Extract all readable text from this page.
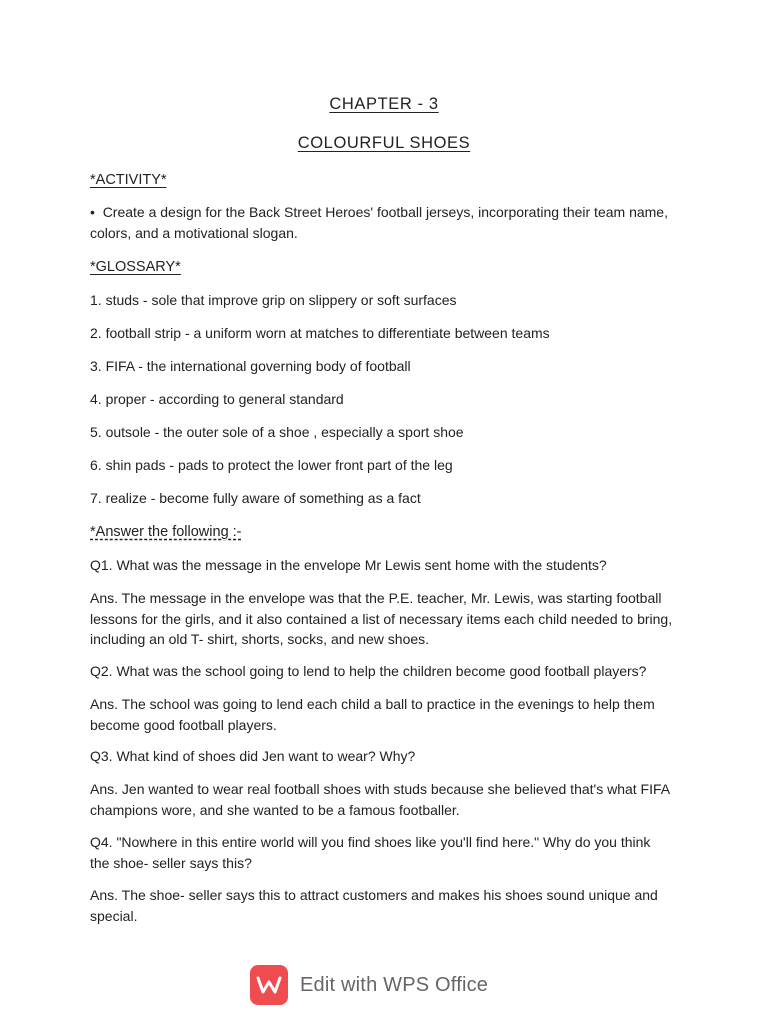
CHAPTER - 3

COLOURFUL SHOES

*ACTIVITY*

• Create a design for the Back Street Heroes' football jerseys, incorporating their team name, colors, and a motivational slogan.

*GLOSSARY*

1. studs - sole that improve grip on slippery or soft surfaces

2. football strip - a uniform worn at matches to differentiate between teams

3. FIFA - the international governing body of football

4. proper - according to general standard

5. outsole - the outer sole of a shoe , especially a sport shoe

6. shin pads - pads to protect the lower front part of the leg

7. realize - become fully aware of something as a fact

*Answer the following :-

Q1. What was the message in the envelope Mr Lewis sent home with the students?

Ans. The message in the envelope was that the P.E. teacher, Mr. Lewis, was starting football lessons for the girls, and it also contained a list of necessary items each child needed to bring, including an old T- shirt, shorts, socks, and new shoes.

Q2. What was the school going to lend to help the children become good football players?

Ans. The school was going to lend each child a ball to practice in the evenings to help them become good football players.

Q3. What kind of shoes did Jen want to wear? Why?

Ans. Jen wanted to wear real football shoes with studs because she believed that's what FIFA champions wore, and she wanted to be a famous footballer.

Q4. "Nowhere in this entire world will you find shoes like you'll find here." Why do you think the shoe- seller says this?

Ans. The shoe- seller says this to attract customers and makes his shoes sound unique and special.

Edit with WPS Office
